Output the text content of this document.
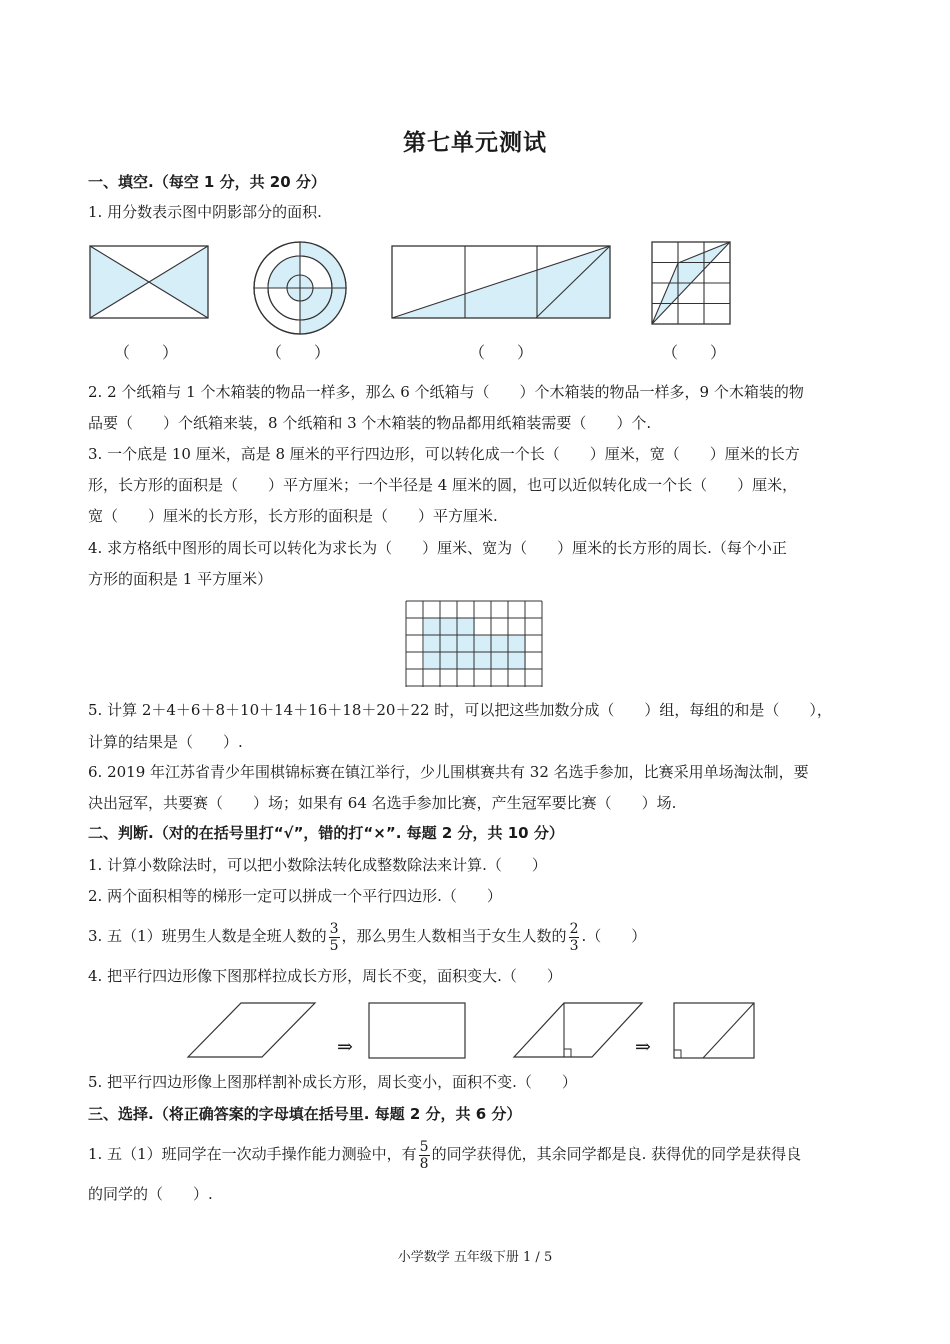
第七单元测试
一、填空.（每空 1 分，共 20 分）
1. 用分数表示图中阴影部分的面积.
（　　）	（　　）	（　　）	（　　）
2. 2 个纸箱与 1 个木箱装的物品一样多，那么 6 个纸箱与（　　）个木箱装的物品一样多，9 个木箱装的物
品要（　　）个纸箱来装，8 个纸箱和 3 个木箱装的物品都用纸箱装需要（　　）个.
3. 一个底是 10 厘米，高是 8 厘米的平行四边形，可以转化成一个长（　　）厘米，宽（　　）厘米的长方
形，长方形的面积是（　　）平方厘米；一个半径是 4 厘米的圆，也可以近似转化成一个长（　　）厘米，
宽（　　）厘米的长方形，长方形的面积是（　　）平方厘米.
4. 求方格纸中图形的周长可以转化为求长为（　　）厘米、宽为（　　）厘米的长方形的周长.（每个小正
方形的面积是 1 平方厘米）
5. 计算 2＋4＋6＋8＋10＋14＋16＋18＋20＋22 时，可以把这些加数分成（　　）组，每组的和是（　　），
计算的结果是（　　）.
6. 2019 年江苏省青少年围棋锦标赛在镇江举行，少儿围棋赛共有 32 名选手参加，比赛采用单场淘汰制，要
决出冠军，共要赛（　　）场；如果有 64 名选手参加比赛，产生冠军要比赛（　　）场.
二、判断.（对的在括号里打“√”，错的打“×”. 每题 2 分，共 10 分）
1. 计算小数除法时，可以把小数除法转化成整数除法来计算.（　　）
2. 两个面积相等的梯形一定可以拼成一个平行四边形.（　　）
3. 五（1）班男生人数是全班人数的 $\frac{3}{5}$ ，那么男生人数相当于女生人数的 $\frac{2}{3}$ .（　　）
4. 把平行四边形像下图那样拉成长方形，周长不变，面积变大.（　　）
⇒	⇒
5. 把平行四边形像上图那样割补成长方形，周长变小，面积不变.（　　）
三、选择.（将正确答案的字母填在括号里. 每题 2 分，共 6 分）
1. 五（1）班同学在一次动手操作能力测验中，有 $\frac{5}{8}$ 的同学获得优，其余同学都是良. 获得优的同学是获得良
的同学的（　　）.
小学数学 五年级下册 1 / 5
